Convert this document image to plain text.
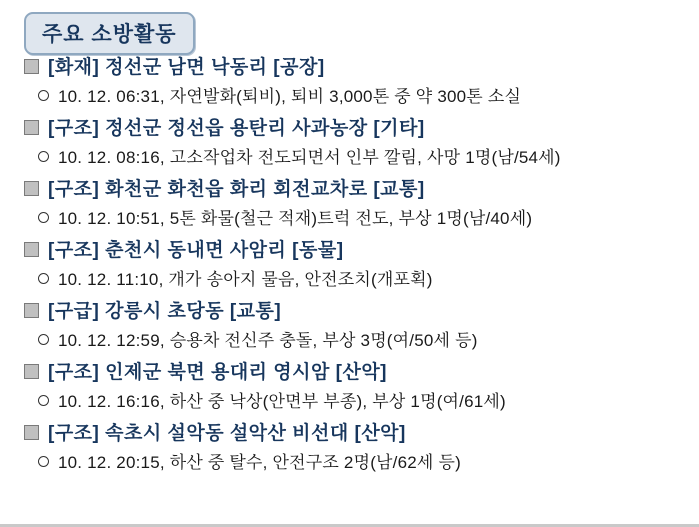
주요 소방활동
[화재] 정선군 남면 낙동리 [공장]
10. 12. 06:31, 자연발화(퇴비), 퇴비 3,000톤 중 약 300톤 소실
[구조] 정선군 정선읍 용탄리 사과농장 [기타]
10. 12. 08:16, 고소작업차 전도되면서 인부 깔림, 사망 1명(남/54세)
[구조] 화천군 화천읍 화리 회전교차로 [교통]
10. 12. 10:51, 5톤 화물(철근 적재)트럭 전도, 부상 1명(남/40세)
[구조] 춘천시 동내면 사암리 [동물]
10. 12. 11:10, 개가 송아지 물음, 안전조치(개포획)
[구급] 강릉시 초당동 [교통]
10. 12. 12:59, 승용차 전신주 충돌, 부상 3명(여/50세 등)
[구조] 인제군 북면 용대리 영시암 [산악]
10. 12. 16:16, 하산 중 낙상(안면부 부종), 부상 1명(여/61세)
[구조] 속초시 설악동 설악산 비선대 [산악]
10. 12. 20:15, 하산 중 탈수, 안전구조 2명(남/62세 등)
